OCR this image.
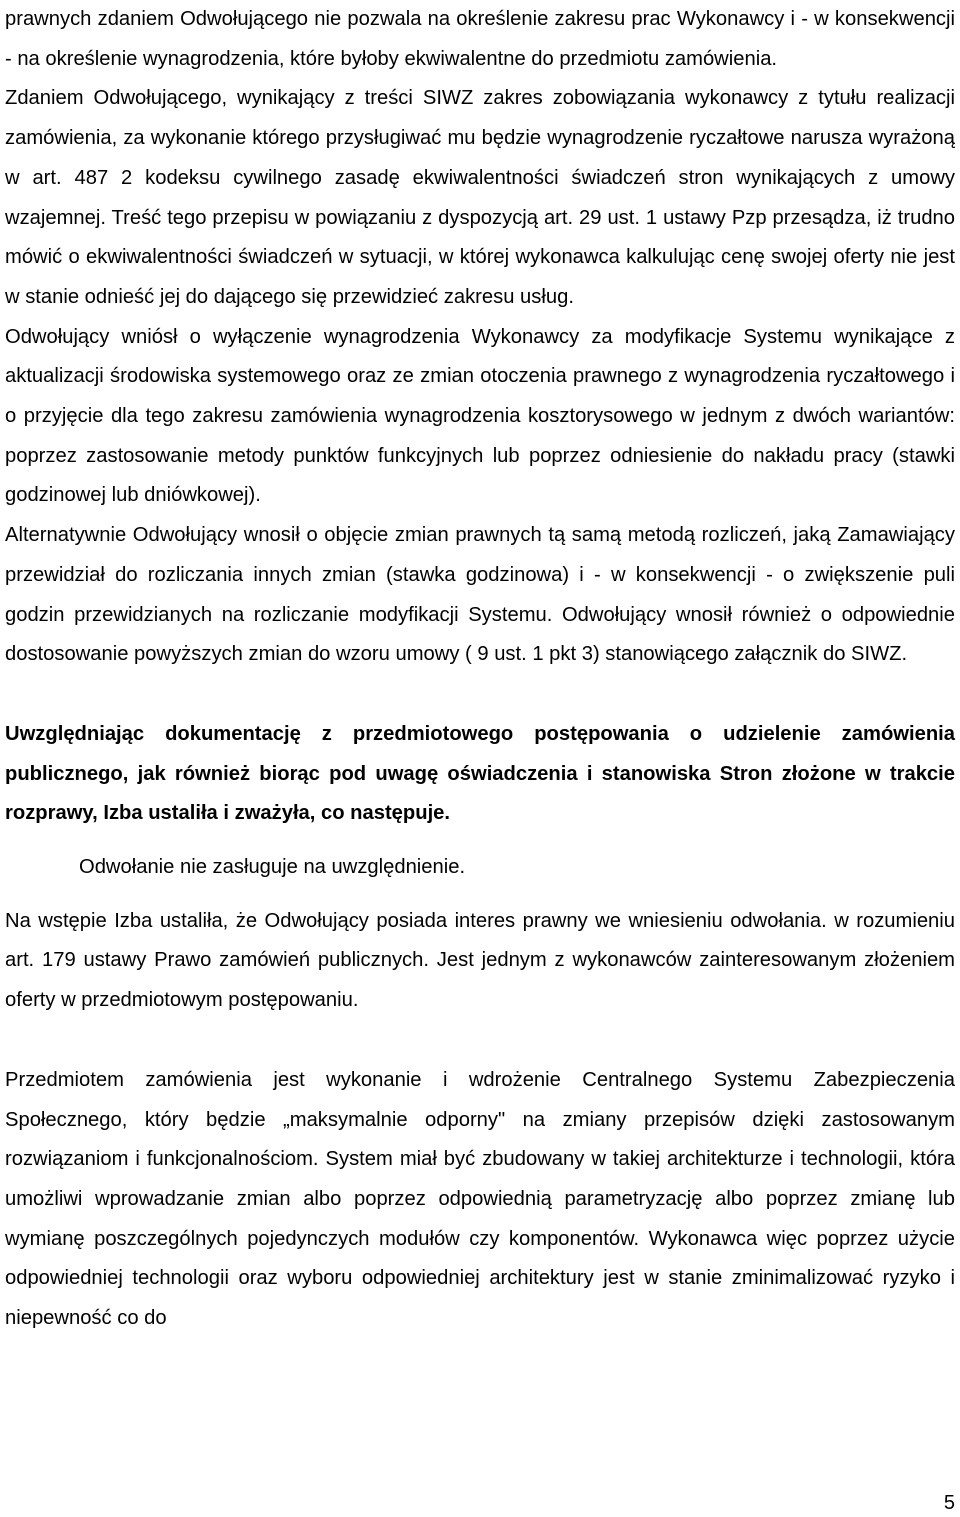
prawnych zdaniem Odwołującego nie pozwala na określenie zakresu prac Wykonawcy i - w konsekwencji - na określenie wynagrodzenia, które byłoby ekwiwalentne do przedmiotu zamówienia.

Zdaniem Odwołującego, wynikający z treści SIWZ zakres zobowiązania wykonawcy z tytułu realizacji zamówienia, za wykonanie którego przysługiwać mu będzie wynagrodzenie ryczałtowe narusza wyrażoną w art. 487 2 kodeksu cywilnego zasadę ekwiwalentności świadczeń stron wynikających z umowy wzajemnej. Treść tego przepisu w powiązaniu z dyspozycją art. 29 ust. 1 ustawy Pzp przesądza, iż trudno mówić o ekwiwalentności świadczeń w sytuacji, w której wykonawca kalkulując cenę swojej oferty nie jest w stanie odnieść jej do dającego się przewidzieć zakresu usług.

Odwołujący wniósł o wyłączenie wynagrodzenia Wykonawcy za modyfikacje Systemu wynikające z aktualizacji środowiska systemowego oraz ze zmian otoczenia prawnego z wynagrodzenia ryczałtowego i o przyjęcie dla tego zakresu zamówienia wynagrodzenia kosztorysowego w jednym z dwóch wariantów: poprzez zastosowanie metody punktów funkcyjnych lub poprzez odniesienie do nakładu pracy (stawki godzinowej lub dniówkowej).

Alternatywnie Odwołujący wnosił o objęcie zmian prawnych tą samą metodą rozliczeń, jaką Zamawiający przewidział do rozliczania innych zmian (stawka godzinowa) i - w konsekwencji - o zwiększenie puli godzin przewidzianych na rozliczanie modyfikacji Systemu. Odwołujący wnosił również o odpowiednie dostosowanie powyższych zmian do wzoru umowy ( 9 ust. 1 pkt 3) stanowiącego załącznik do SIWZ.

Uwzględniając dokumentację z przedmiotowego postępowania o udzielenie zamówienia publicznego, jak również biorąc pod uwagę oświadczenia i stanowiska Stron złożone w trakcie rozprawy, Izba ustaliła i zważyła, co następuje.

Odwołanie nie zasługuje na uwzględnienie.

Na wstępie Izba ustaliła, że Odwołujący posiada interes prawny we wniesieniu odwołania. w rozumieniu art. 179 ustawy Prawo zamówień publicznych. Jest jednym z wykonawców zainteresowanym złożeniem oferty w przedmiotowym postępowaniu.

Przedmiotem zamówienia jest wykonanie i wdrożenie Centralnego Systemu Zabezpieczenia Społecznego, który będzie „maksymalnie odporny" na zmiany przepisów dzięki zastosowanym rozwiązaniom i funkcjonalnościom. System miał być zbudowany w takiej architekturze i technologii, która umożliwi wprowadzanie zmian albo poprzez odpowiednią parametryzację albo poprzez zmianę lub wymianę poszczególnych pojedynczych modułów czy komponentów. Wykonawca więc poprzez użycie odpowiedniej technologii oraz wyboru odpowiedniej architektury jest w stanie zminimalizować ryzyko i niepewność co do

5
